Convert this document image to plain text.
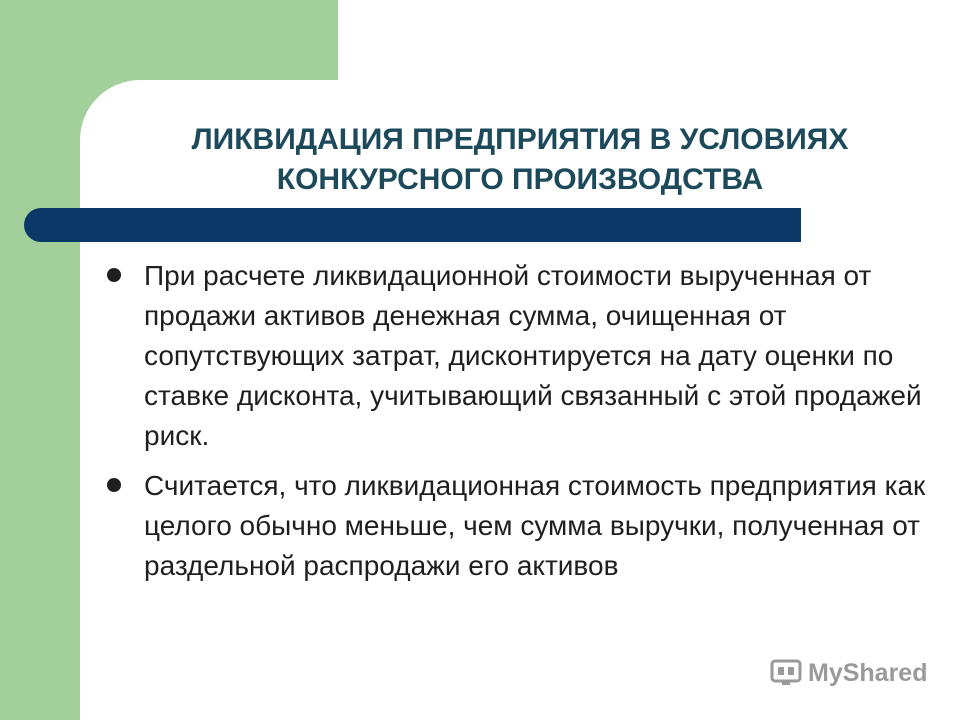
ЛИКВИДАЦИЯ ПРЕДПРИЯТИЯ В УСЛОВИЯХ
КОНКУРСНОГО ПРОИЗВОДСТВА
При расчете ликвидационной стоимости вырученная от продажи активов денежная сумма, очищенная от сопутствующих затрат, дисконтируется на дату оценки по ставке дисконта, учитывающий связанный с этой продажей риск.
Считается, что ликвидационная стоимость предприятия как целого обычно меньше, чем сумма выручки, полученная от раздельной распродажи его активов
MyShared
